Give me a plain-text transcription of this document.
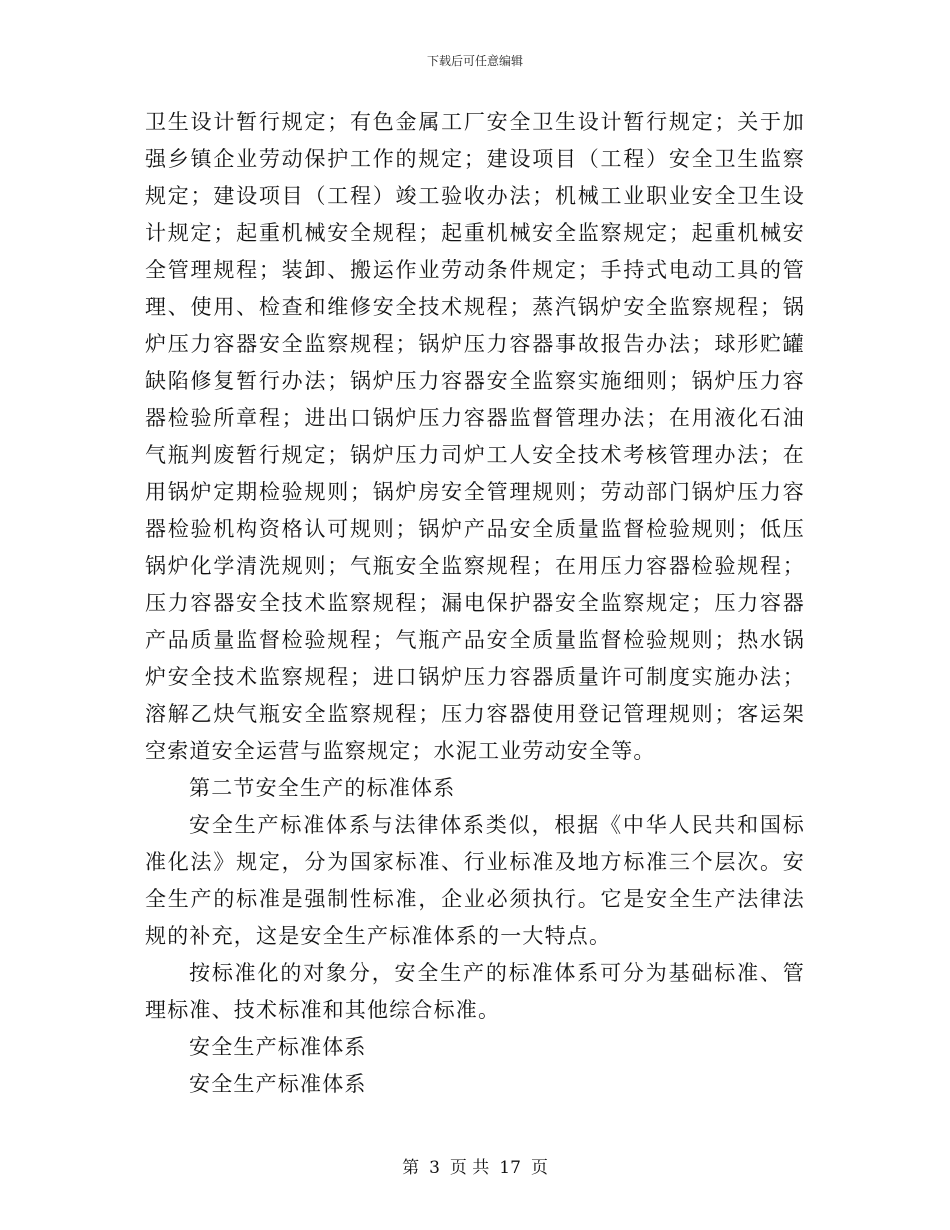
下载后可任意编辑

卫生设计暂行规定；有色金属工厂安全卫生设计暂行规定；关于加强乡镇企业劳动保护工作的规定；建设项目（工程）安全卫生监察规定；建设项目（工程）竣工验收办法；机械工业职业安全卫生设计规定；起重机械安全规程；起重机械安全监察规定；起重机械安全管理规程；装卸、搬运作业劳动条件规定；手持式电动工具的管理、使用、检查和维修安全技术规程；蒸汽锅炉安全监察规程；锅炉压力容器安全监察规程；锅炉压力容器事故报告办法；球形贮罐缺陷修复暂行办法；锅炉压力容器安全监察实施细则；锅炉压力容器检验所章程；进出口锅炉压力容器监督管理办法；在用液化石油气瓶判废暂行规定；锅炉压力司炉工人安全技术考核管理办法；在用锅炉定期检验规则；锅炉房安全管理规则；劳动部门锅炉压力容器检验机构资格认可规则；锅炉产品安全质量监督检验规则；低压锅炉化学清洗规则；气瓶安全监察规程；在用压力容器检验规程；压力容器安全技术监察规程；漏电保护器安全监察规定；压力容器产品质量监督检验规程；气瓶产品安全质量监督检验规则；热水锅炉安全技术监察规程；进口锅炉压力容器质量许可制度实施办法；溶解乙炔气瓶安全监察规程；压力容器使用登记管理规则；客运架空索道安全运营与监察规定；水泥工业劳动安全等。

第二节安全生产的标准体系

安全生产标准体系与法律体系类似，根据《中华人民共和国标准化法》规定，分为国家标准、行业标准及地方标准三个层次。安全生产的标准是强制性标准，企业必须执行。它是安全生产法律法规的补充，这是安全生产标准体系的一大特点。

按标准化的对象分，安全生产的标准体系可分为基础标准、管理标准、技术标准和其他综合标准。

安全生产标准体系

安全生产标准体系

第 3 页 共 17 页
